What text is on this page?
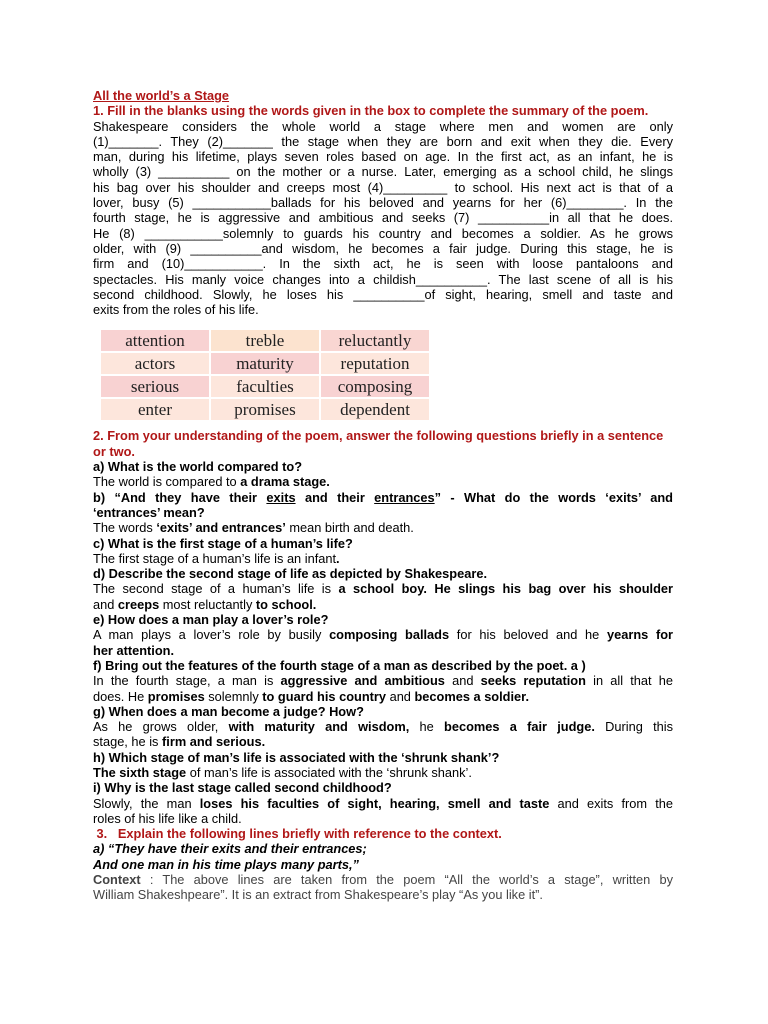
All the world’s a Stage
1. Fill in the blanks using the words given in the box to complete the summary of the poem.
Shakespeare considers the whole world a stage where men and women are only
(1)_______. They (2)_______ the stage when they are born and exit when they die. Every
man, during his lifetime, plays seven roles based on age. In the first act, as an infant, he is
wholly (3) __________ on the mother or a nurse. Later, emerging as a school child, he slings
his bag over his shoulder and creeps most (4)_________ to school. His next act is that of a
lover, busy (5) ___________ballads for his beloved and yearns for her (6)________. In the
fourth stage, he is aggressive and ambitious and seeks (7) __________in all that he does.
He (8) ___________solemnly to guards his country and becomes a soldier. As he grows
older, with (9) __________and wisdom, he becomes a fair judge. During this stage, he is
firm and (10)___________. In the sixth act, he is seen with loose pantaloons and
spectacles. His manly voice changes into a childish__________. The last scene of all is his
second childhood. Slowly, he loses his __________of sight, hearing, smell and taste and
exits from the roles of his life.
attention	treble	reluctantly
actors	maturity	reputation
serious	faculties	composing
enter	promises	dependent
2. From your understanding of the poem, answer the following questions briefly in a sentence or two.
a) What is the world compared to?
The world is compared to a drama stage.
b) “And they have their exits and their entrances” - What do the words ‘exits’ and
‘entrances’ mean?
The words ‘exits’ and entrances’ mean birth and death.
c) What is the first stage of a human’s life?
The first stage of a human’s life is an infant.
d) Describe the second stage of life as depicted by Shakespeare.
The second stage of a human’s life is a school boy. He slings his bag over his shoulder
and creeps most reluctantly to school.
e) How does a man play a lover’s role?
A man plays a lover’s role by busily composing ballads for his beloved and he yearns for
her attention.
f) Bring out the features of the fourth stage of a man as described by the poet. a )
In the fourth stage, a man is aggressive and ambitious and seeks reputation in all that he
does. He promises solemnly to guard his country and becomes a soldier.
g) When does a man become a judge? How?
As he grows older, with maturity and wisdom, he becomes a fair judge. During this
stage, he is firm and serious.
h) Which stage of man’s life is associated with the ‘shrunk shank’?
The sixth stage of man’s life is associated with the ‘shrunk shank’.
i) Why is the last stage called second childhood?
Slowly, the man loses his faculties of sight, hearing, smell and taste and exits from the
roles of his life like a child.
3.   Explain the following lines briefly with reference to the context.
a) “They have their exits and their entrances;
And one man in his time plays many parts,”
Context : The above lines are taken from the poem “All the world’s a stage”, written by
William Shakeshpeare”. It is an extract from Shakespeare’s play “As you like it”.
